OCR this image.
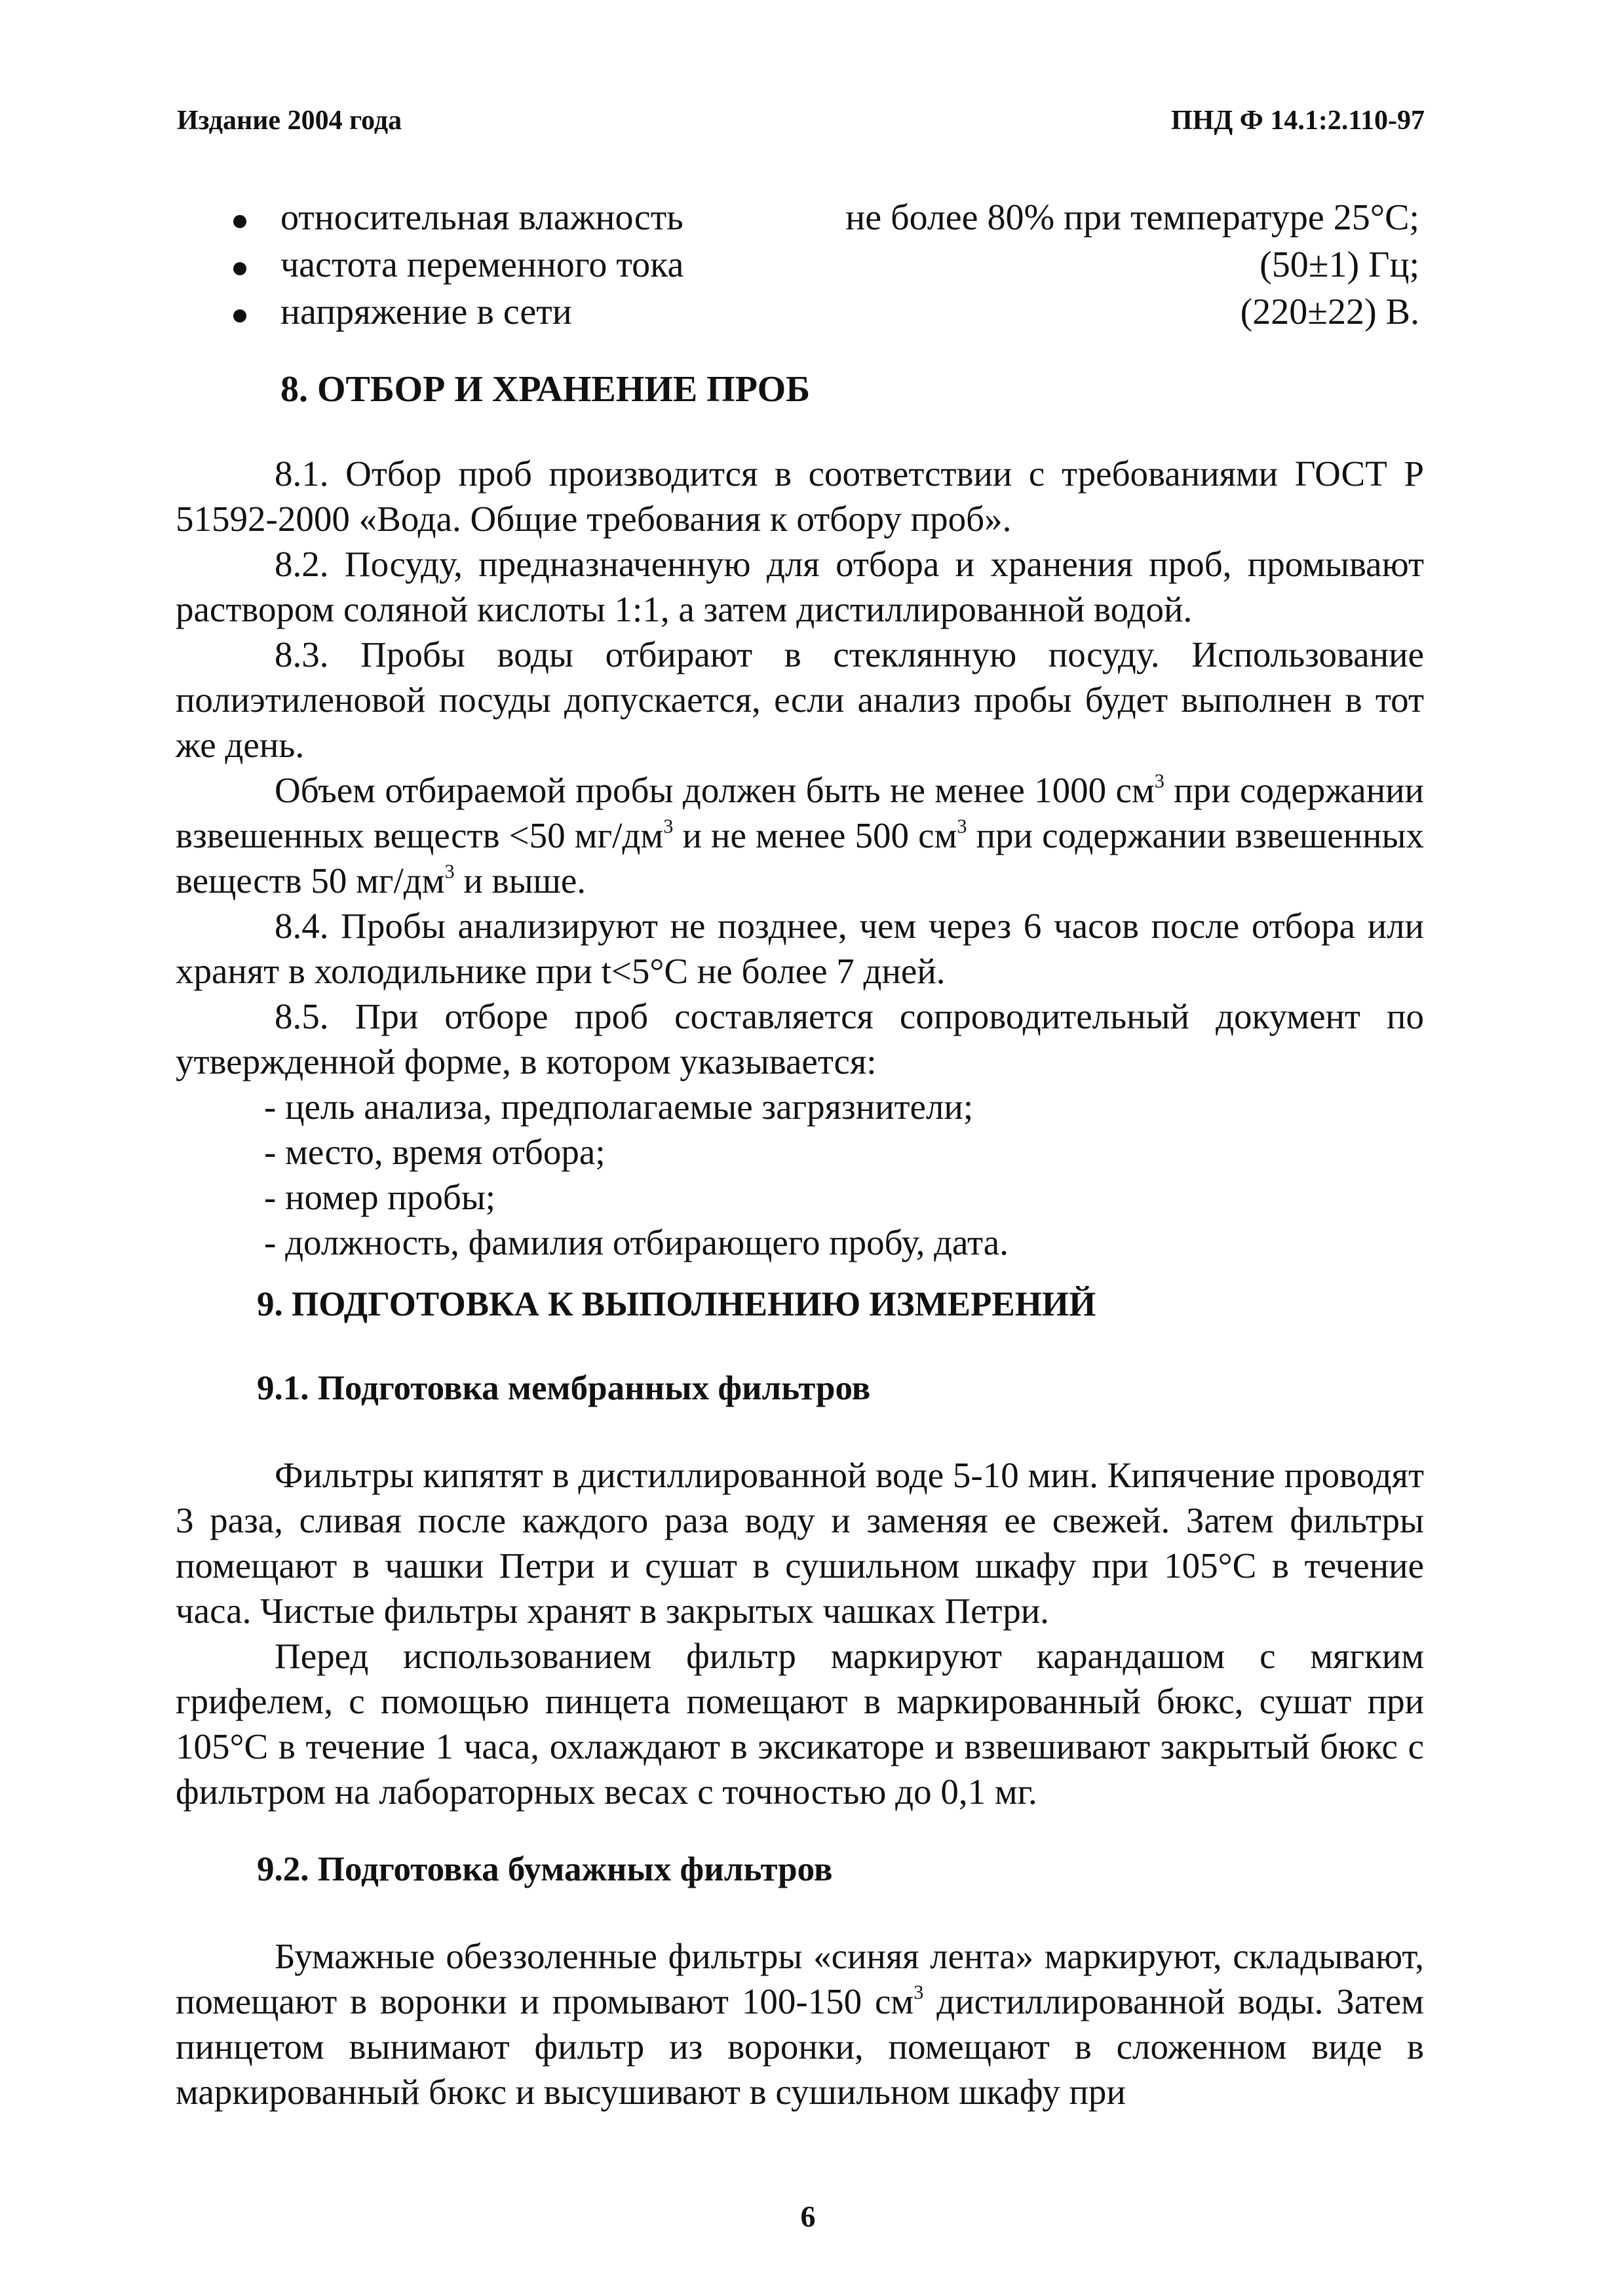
Издание 2004 года	ПНД Ф 14.1:2.110-97
относительная влажность	не более 80% при температуре 25°С;
частота переменного тока	(50±1) Гц;
напряжение в сети	(220±22) В.
8. ОТБОР И ХРАНЕНИЕ ПРОБ

8.1. Отбор проб производится в соответствии с требованиями ГОСТ Р 51592-2000 «Вода. Общие требования к отбору проб».

8.2. Посуду, предназначенную для отбора и хранения проб, промывают раствором соляной кислоты 1:1, а затем дистиллированной водой.

8.3. Пробы воды отбирают в стеклянную посуду. Использование полиэтиленовой посуды допускается, если анализ пробы будет выполнен в тот же день.

Объем отбираемой пробы должен быть не менее 1000 $см^3$ при содержании взвешенных веществ <50 $мг/дм^3$ и не менее 500 $см^3$ при содержании взвешенных веществ 50 $мг/дм^3$ и выше.

8.4. Пробы анализируют не позднее, чем через 6 часов после отбора или хранят в холодильнике при t<5°С не более 7 дней.

8.5. При отборе проб составляется сопроводительный документ по утвержденной форме, в котором указывается:

- цель анализа, предполагаемые загрязнители;

- место, время отбора;

- номер пробы;

- должность, фамилия отбирающего пробу, дата.

9. ПОДГОТОВКА К ВЫПОЛНЕНИЮ ИЗМЕРЕНИЙ
9.1. Подготовка мембранных фильтров

Фильтры кипятят в дистиллированной воде 5-10 мин. Кипячение проводят 3 раза, сливая после каждого раза воду и заменяя ее свежей. Затем фильтры помещают в чашки Петри и сушат в сушильном шкафу при 105°С в течение часа. Чистые фильтры хранят в закрытых чашках Петри.

Перед использованием фильтр маркируют карандашом с мягким грифелем, с помощью пинцета помещают в маркированный бюкс, сушат при 105°С в течение 1 часа, охлаждают в эксикаторе и взвешивают закрытый бюкс с фильтром на лабораторных весах с точностью до 0,1 мг.

9.2. Подготовка бумажных фильтров

Бумажные обеззоленные фильтры «синяя лента» маркируют, складывают, помещают в воронки и промывают 100-150 $см^3$ дистиллированной воды. Затем пинцетом вынимают фильтр из воронки, помещают в сложенном виде в маркированный бюкс и высушивают в сушильном шкафу при

6
